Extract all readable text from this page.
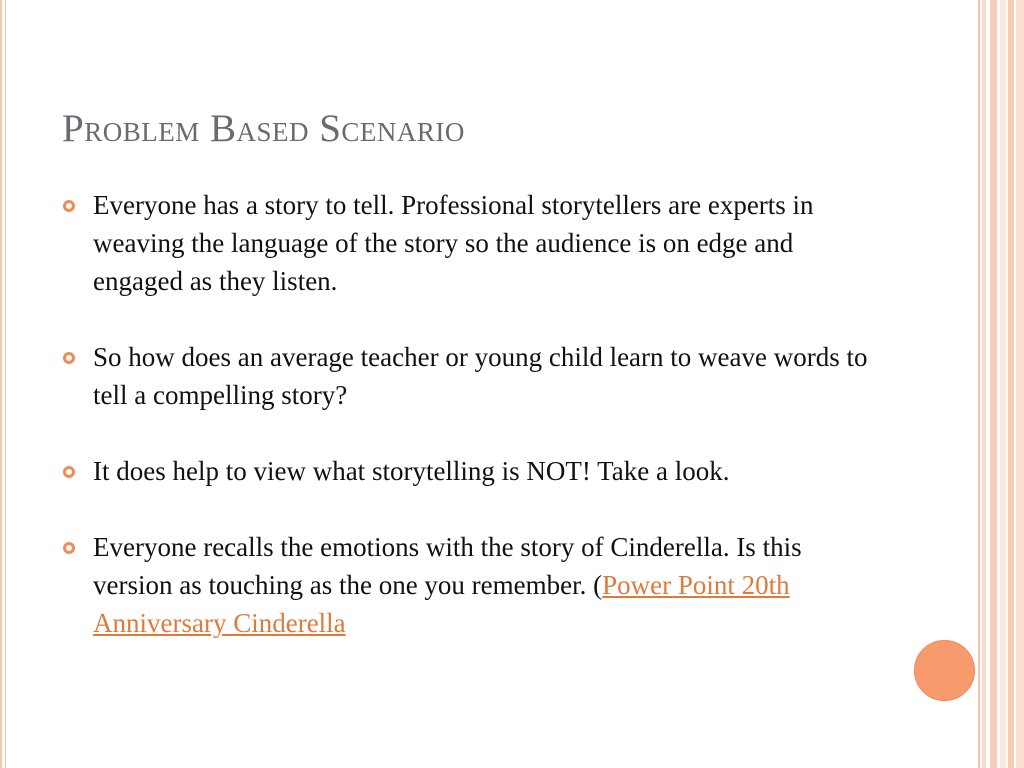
Problem Based Scenario
Everyone has a story to tell. Professional storytellers are experts in weaving the language of the story so the audience is on edge and engaged as they listen.
So how does an average teacher or young child learn to weave words to tell a compelling story?
It does help to view what storytelling is NOT! Take a look.
Everyone recalls the emotions with the story of Cinderella. Is this version as touching as the one you remember. (Power Point 20th Anniversary Cinderella
